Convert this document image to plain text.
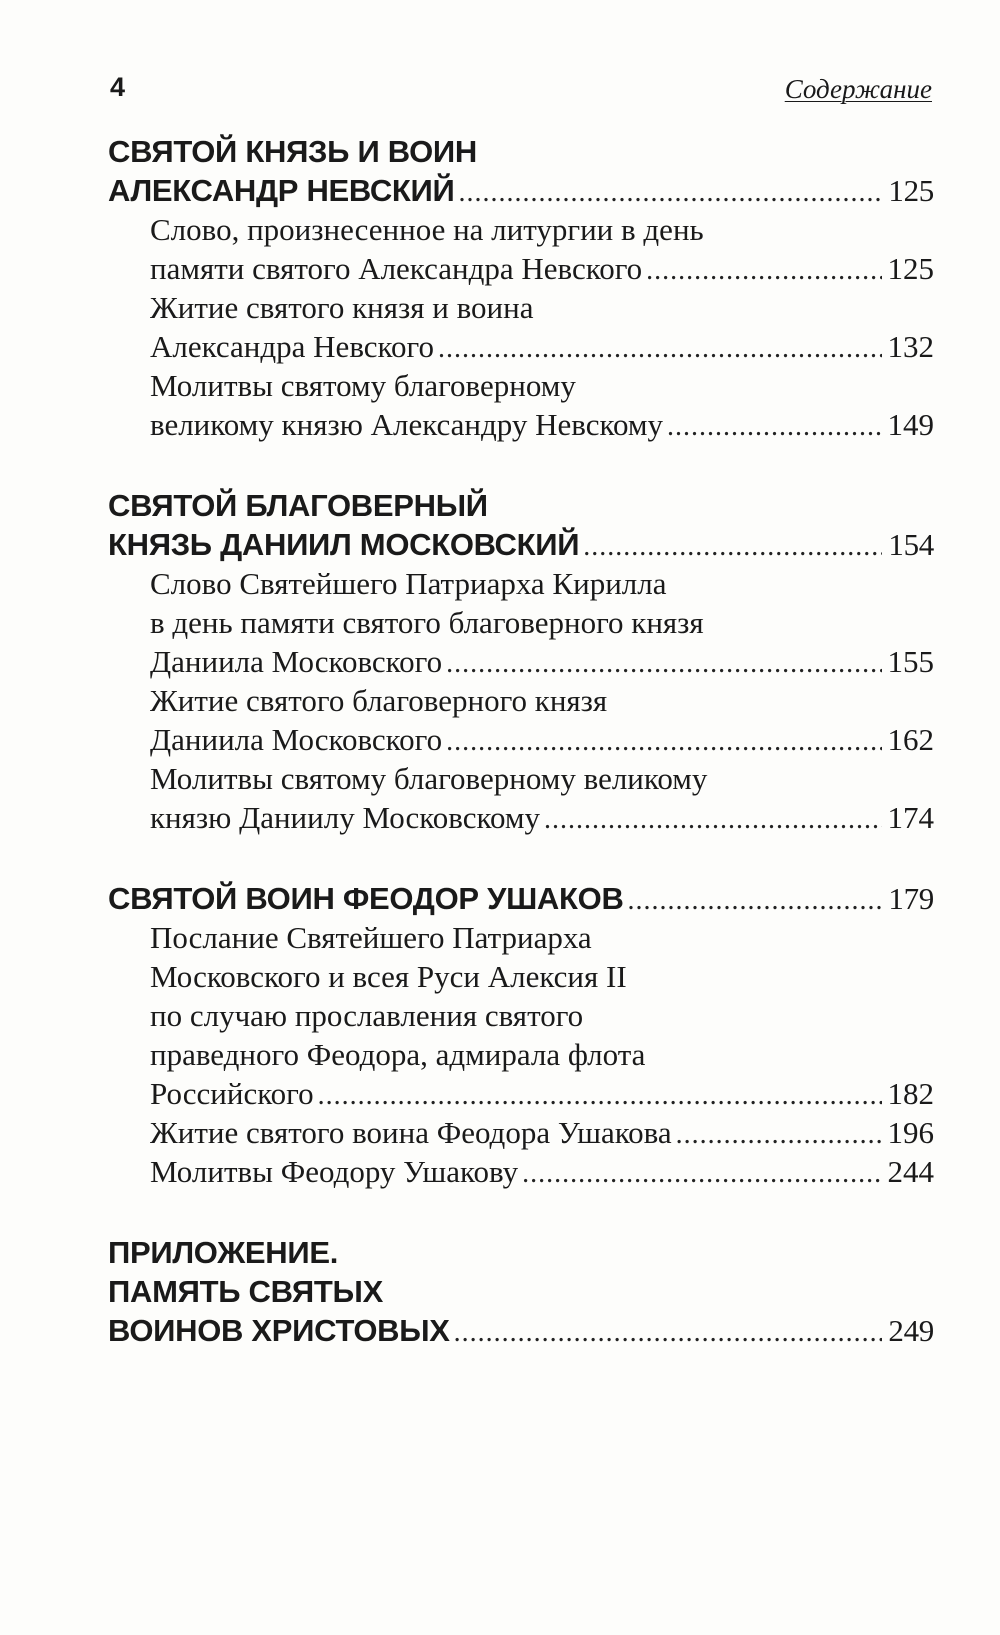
4	Содержание
СВЯТОЙ КНЯЗЬ И ВОИН
АЛЕКСАНДР НЕВСКИЙ .....	125
Слово, произнесенное на литургии в день
памяти святого Александра Невского .....	125
Житие святого князя и воина
Александра Невского .....	132
Молитвы святому благоверному
великому князю Александру Невскому .....	149
СВЯТОЙ БЛАГОВЕРНЫЙ
КНЯЗЬ ДАНИИЛ МОСКОВСКИЙ .....	154
Слово Святейшего Патриарха Кирилла
в день памяти святого благоверного князя
Даниила Московского .....	155
Житие святого благоверного князя
Даниила Московского .....	162
Молитвы святому благоверному великому
князю Даниилу Московскому .....	174
СВЯТОЙ ВОИН ФЕОДОР УШАКОВ .....	179
Послание Святейшего Патриарха
Московского и всея Руси Алексия II
по случаю прославления святого
праведного Феодора, адмирала флота
Российского .....	182
Житие святого воина Феодора Ушакова .....	196
Молитвы Феодору Ушакову .....	244
ПРИЛОЖЕНИЕ.
ПАМЯТЬ СВЯТЫХ
ВОИНОВ ХРИСТОВЫХ .....	249
